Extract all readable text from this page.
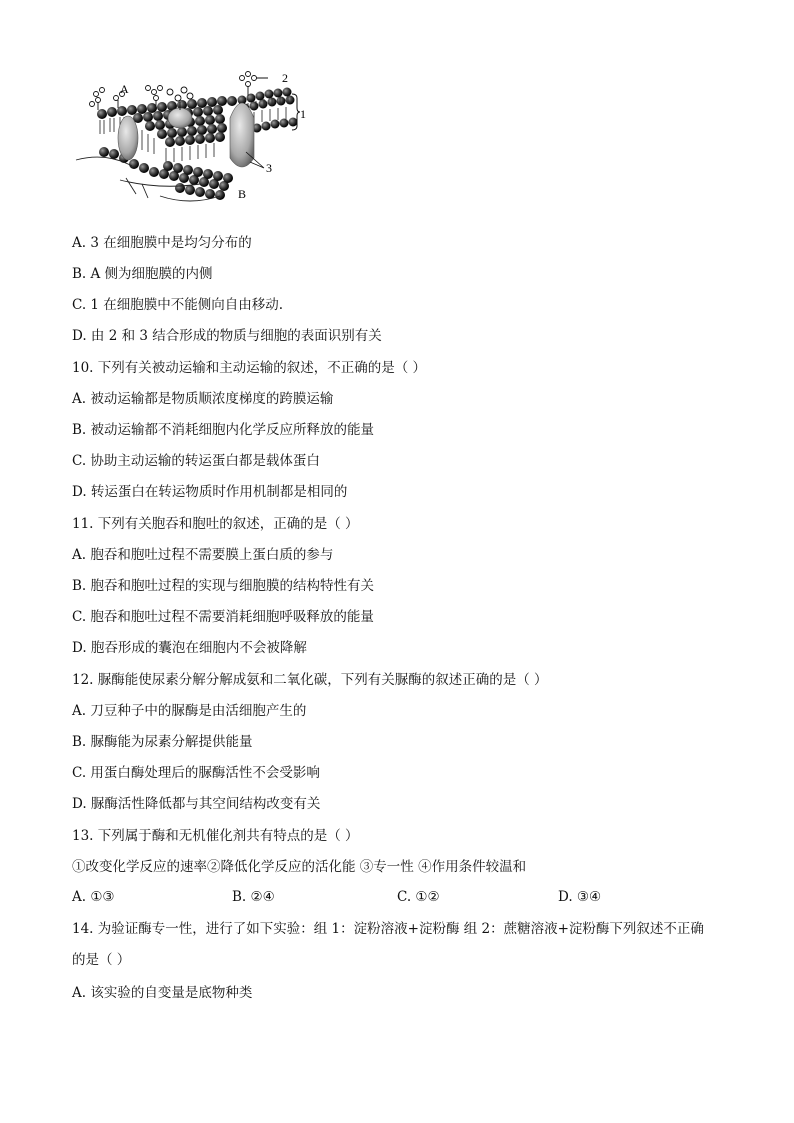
A
B
1
2
3
A. 3 在细胞膜中是均匀分布的
B. A 侧为细胞膜的内侧
C. 1 在细胞膜中不能侧向自由移动.
D. 由 2 和 3 结合形成的物质与细胞的表面识别有关
10. 下列有关被动运输和主动运输的叙述，不正确的是（ ）
A. 被动运输都是物质顺浓度梯度的跨膜运输
B. 被动运输都不消耗细胞内化学反应所释放的能量
C. 协助主动运输的转运蛋白都是载体蛋白
D. 转运蛋白在转运物质时作用机制都是相同的
11. 下列有关胞吞和胞吐的叙述，正确的是（ ）
A. 胞吞和胞吐过程不需要膜上蛋白质的参与
B. 胞吞和胞吐过程的实现与细胞膜的结构特性有关
C. 胞吞和胞吐过程不需要消耗细胞呼吸释放的能量
D. 胞吞形成的囊泡在细胞内不会被降解
12. 脲酶能使尿素分解分解成氨和二氧化碳，下列有关脲酶的叙述正确的是（ ）
A. 刀豆种子中的脲酶是由活细胞产生的
B. 脲酶能为尿素分解提供能量
C. 用蛋白酶处理后的脲酶活性不会受影响
D. 脲酶活性降低都与其空间结构改变有关
13. 下列属于酶和无机催化剂共有特点的是（ ）
①改变化学反应的速率②降低化学反应的活化能 ③专一性 ④作用条件较温和
A. ①③	B. ②④	C. ①②	D. ③④
14. 为验证酶专一性，进行了如下实验：组 1：淀粉溶液+淀粉酶 组 2：蔗糖溶液+淀粉酶下列叙述不正确
的是（ ）
A. 该实验的自变量是底物种类
